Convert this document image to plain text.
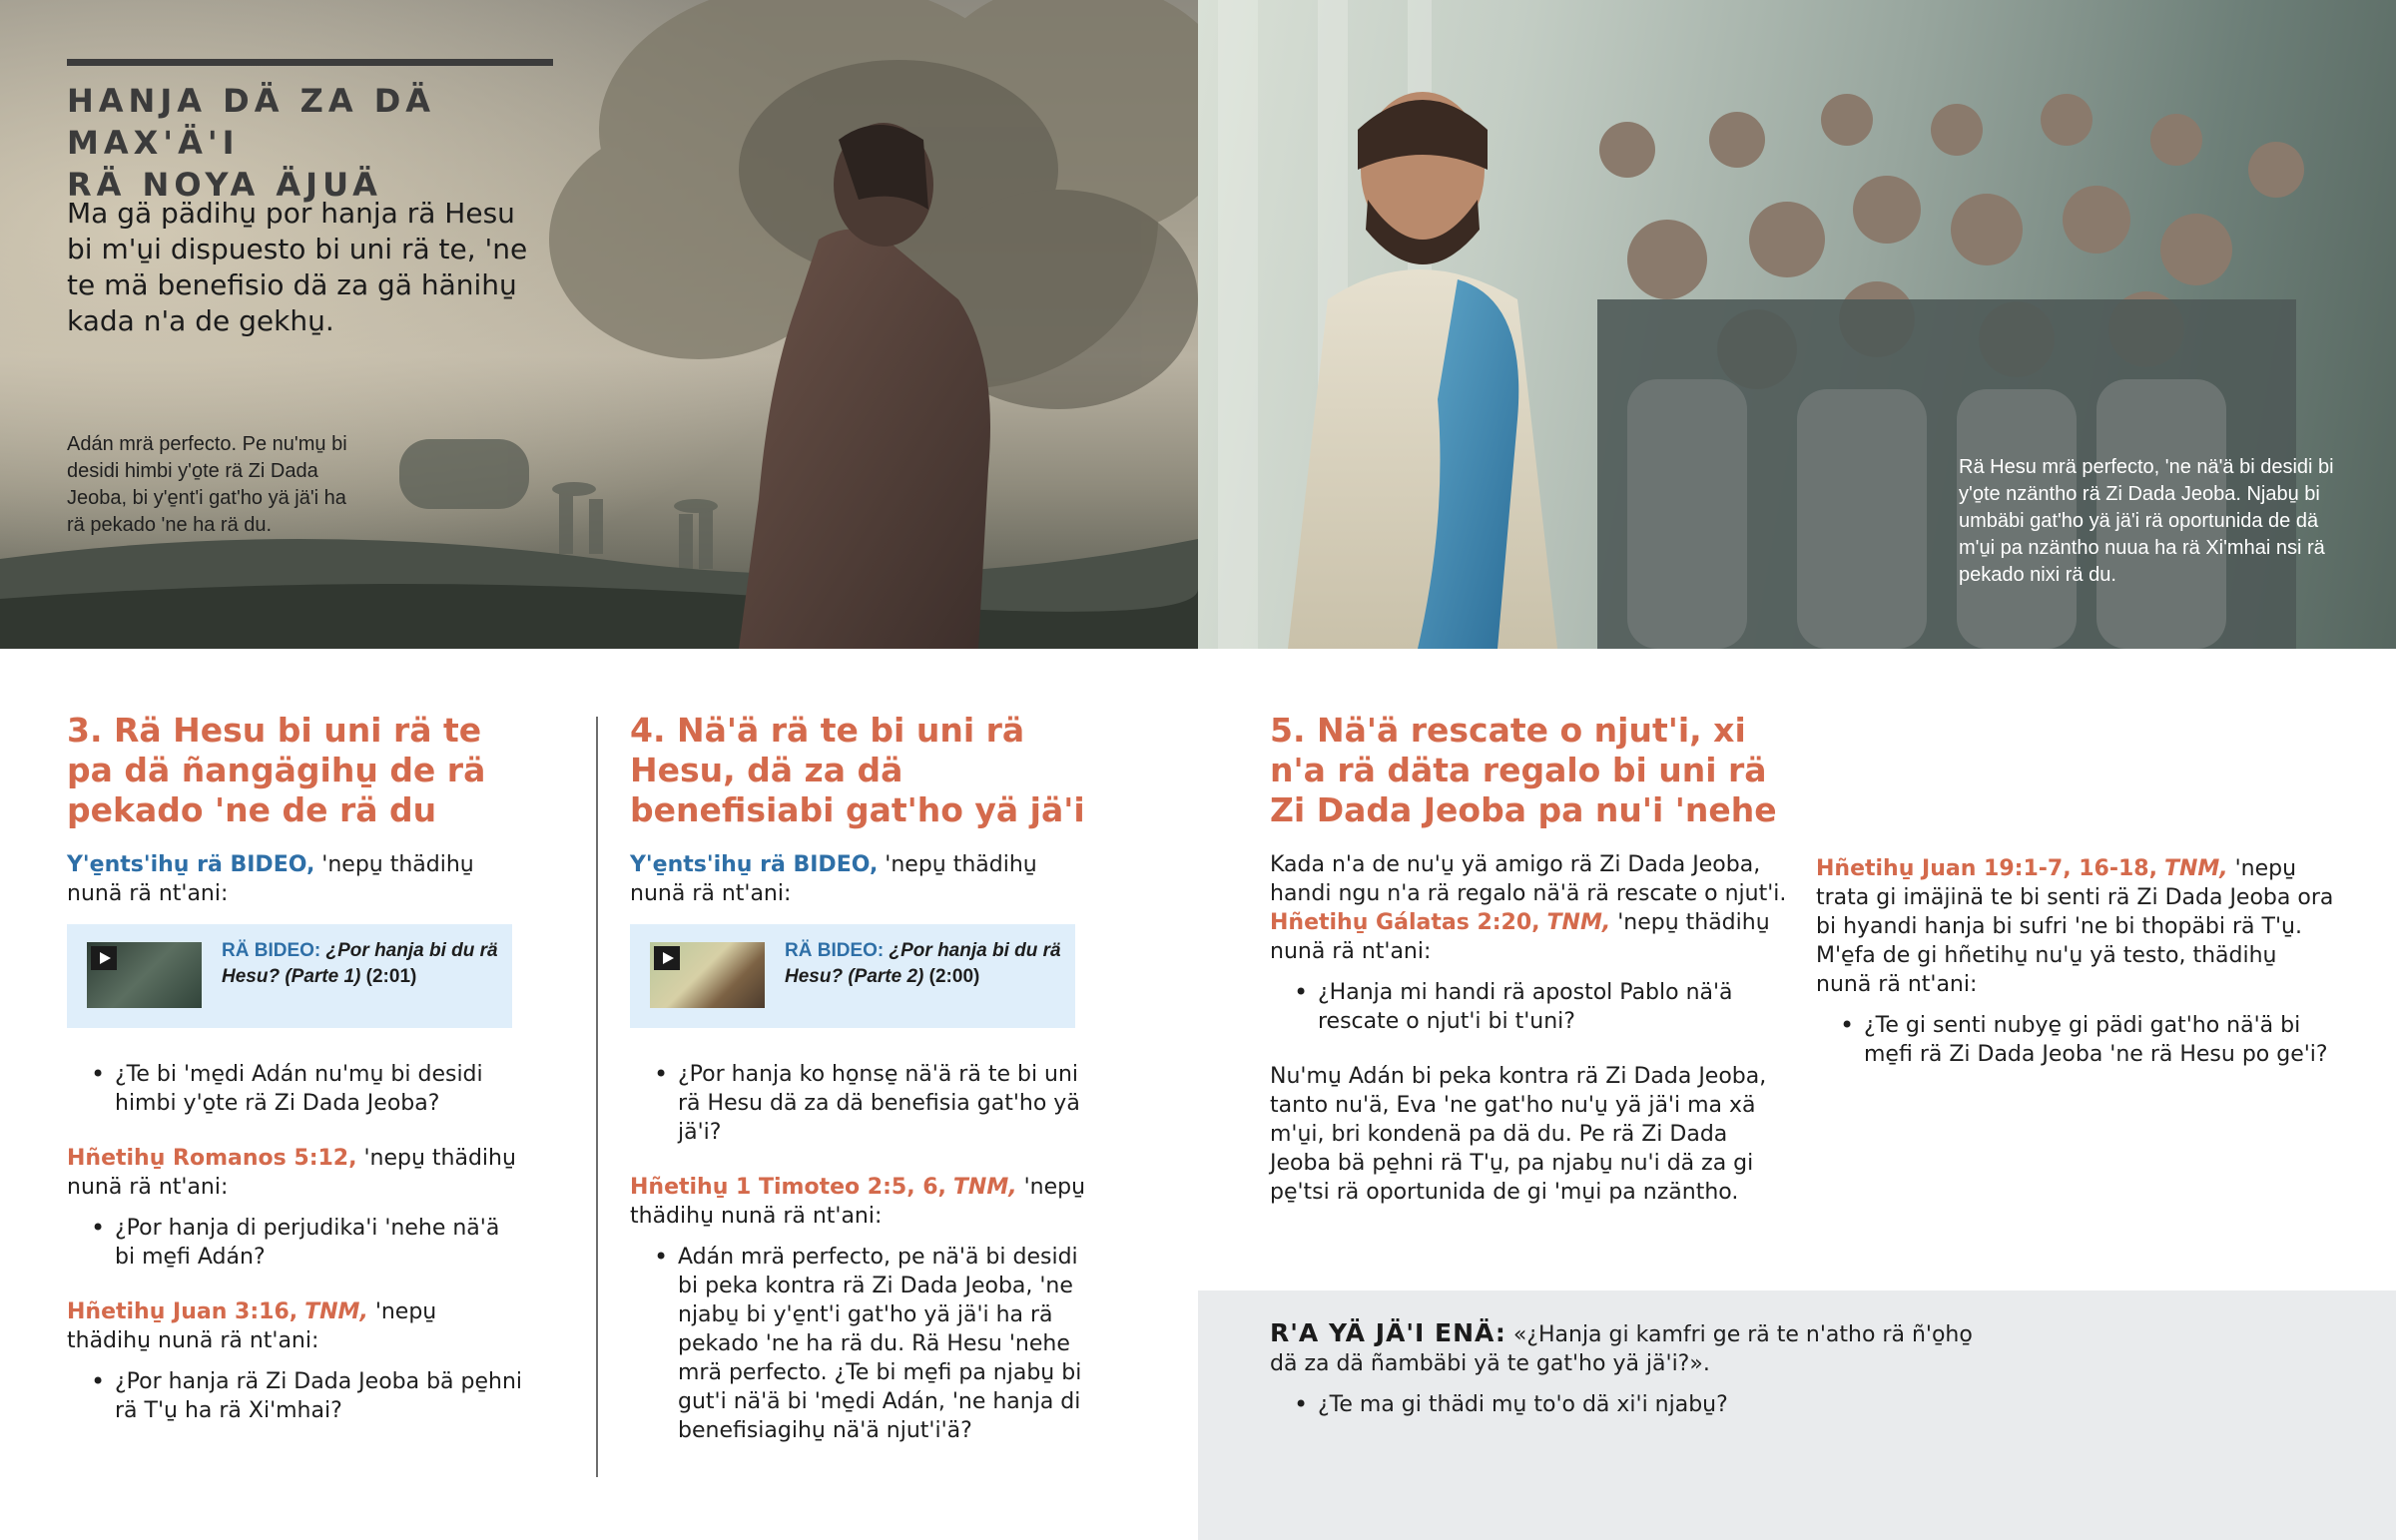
HANJA DÄ ZA DÄ MAX'Ä'I
RÄ NOYA ÄJUÄ

Ma gä pädihu̱ por hanja rä Hesu bi m'u̱i dispuesto bi uni rä te, 'ne te mä benefisio dä za gä hänihu̱ kada n'a de gekhu̱.

Adán mrä perfecto. Pe nu'mu̱ bi desidi himbi y'o̱te rä Zi Dada Jeoba, bi y'e̱nt'i gat'ho yä jä'i ha rä pekado 'ne ha rä du.

Rä Hesu mrä perfecto, 'ne nä'ä bi desidi bi y'o̱te nzäntho rä Zi Dada Jeoba. Njabu̱ bi umbäbi gat'ho yä jä'i rä oportunida de dä m'u̱i pa nzäntho nuua ha rä Xi'mhai nsi rä pekado nixi rä du.

3. Rä Hesu bi uni rä te pa dä ñangägihu̱ de rä pekado 'ne de rä du

Y'e̱nts'ihu̱ rä BIDEO, 'nepu̱ thädihu̱ nunä rä nt'ani:

RÄ BIDEO: ¿Por hanja bi du rä Hesu? (Parte 1) (2:01)
• ¿Te bi 'me̱di Adán nu'mu̱ bi desidi himbi y'o̱te rä Zi Dada Jeoba?

Hñetihu̱ Romanos 5:12, 'nepu̱ thädihu̱ nunä rä nt'ani:

• ¿Por hanja di perjudika'i 'nehe nä'ä bi me̱fi Adán?

Hñetihu̱ Juan 3:16, TNM, 'nepu̱ thädihu̱ nunä rä nt'ani:

• ¿Por hanja rä Zi Dada Jeoba bä pe̱hni rä T'u̱ ha rä Xi'mhai?
4. Nä'ä rä te bi uni rä Hesu, dä za dä benefisiabi gat'ho yä jä'i

Y'e̱nts'ihu̱ rä BIDEO, 'nepu̱ thädihu̱ nunä rä nt'ani:

RÄ BIDEO: ¿Por hanja bi du rä Hesu? (Parte 2) (2:00)
• ¿Por hanja ko ho̱nse̱ nä'ä rä te bi uni rä Hesu dä za dä benefisia gat'ho yä jä'i?

Hñetihu̱ 1 Timoteo 2:5, 6, TNM, 'nepu̱ thädihu̱ nunä rä nt'ani:

• Adán mrä perfecto, pe nä'ä bi desidi bi peka kontra rä Zi Dada Jeoba, 'ne njabu̱ bi y'e̱nt'i gat'ho yä jä'i ha rä pekado 'ne ha rä du. Rä Hesu 'nehe mrä perfecto. ¿Te bi me̱fi pa njabu̱ bi gut'i nä'ä bi 'me̱di Adán, 'ne hanja di benefisiagihu̱ nä'ä njut'i'ä?
5. Nä'ä rescate o njut'i, xi n'a rä däta regalo bi uni rä Zi Dada Jeoba pa nu'i 'nehe

Kada n'a de nu'u̱ yä amigo rä Zi Dada Jeoba, handi ngu n'a rä regalo nä'ä rä rescate o njut'i. Hñetihu̱ Gálatas 2:20, TNM, 'nepu̱ thädihu̱ nunä rä nt'ani:

• ¿Hanja mi handi rä apostol Pablo nä'ä rescate o njut'i bi t'uni?

Nu'mu̱ Adán bi peka kontra rä Zi Dada Jeoba, tanto nu'ä, Eva 'ne gat'ho nu'u̱ yä jä'i ma xä m'u̱i, bri kondenä pa dä du. Pe rä Zi Dada Jeoba bä pe̱hni rä T'u̱, pa njabu̱ nu'i dä za gi pe̱'tsi rä oportunida de gi 'mu̱i pa nzäntho.

Hñetihu̱ Juan 19:1-7, 16-18, TNM, 'nepu̱ trata gi imäjinä te bi senti rä Zi Dada Jeoba ora bi hyandi hanja bi sufri 'ne bi thopäbi rä T'u̱. M'e̱fa de gi hñetihu̱ nu'u̱ yä testo, thädihu̱ nunä rä nt'ani:

• ¿Te gi senti nubye̱ gi pädi gat'ho nä'ä bi me̱fi rä Zi Dada Jeoba 'ne rä Hesu po ge'i?

R'A YÄ JÄ'I ENÄ: «¿Hanja gi kamfri ge rä te n'atho rä ñ'o̱ho̱ dä za dä ñambäbi yä te gat'ho yä jä'i?».

• ¿Te ma gi thädi mu̱ to'o dä xi'i njabu̱?
